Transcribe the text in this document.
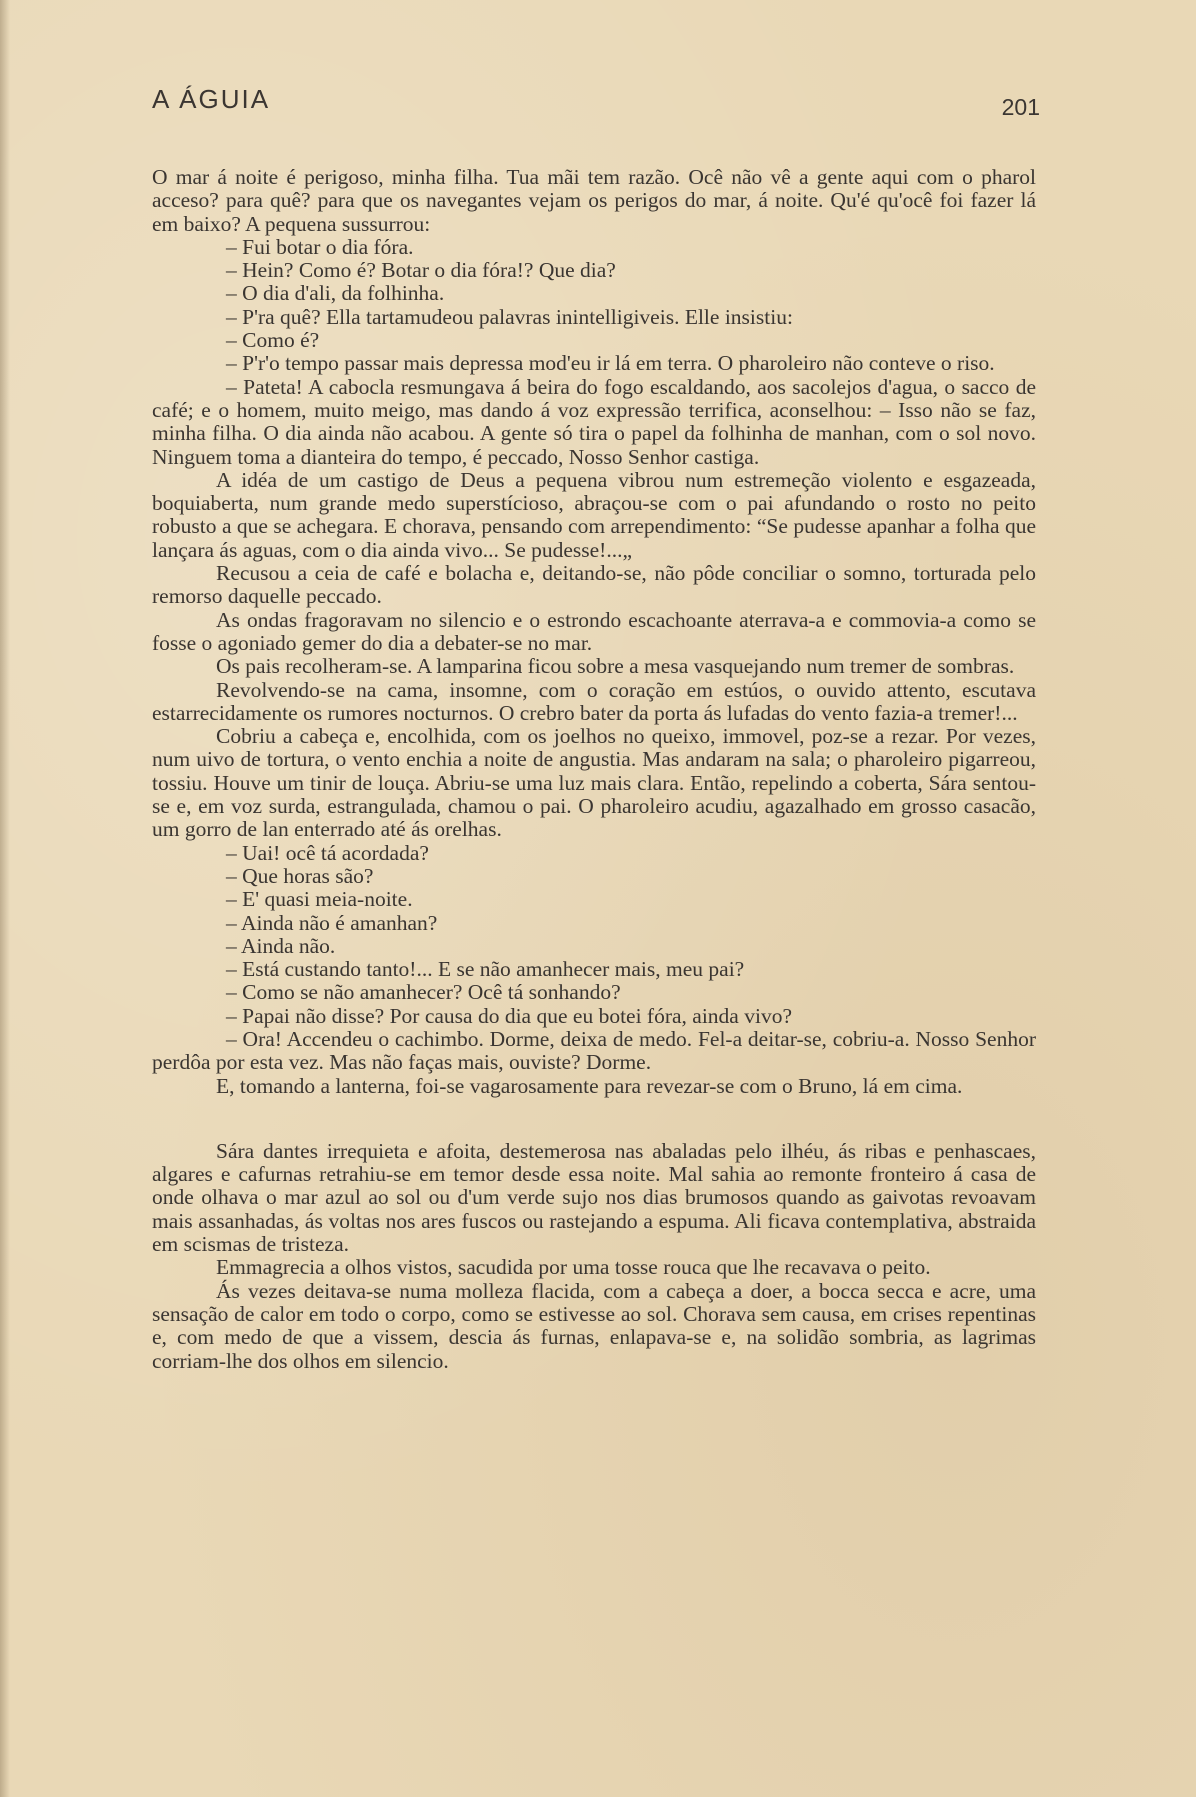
A ÁGUIA	201

O mar á noite é perigoso, minha filha. Tua mãi tem razão. Ocê não vê a gente aqui com o pharol acceso? para quê? para que os navegantes vejam os perigos do mar, á noite. Qu'é qu'ocê foi fazer lá em baixo? A pequena sussurrou:

– Fui botar o dia fóra.

– Hein? Como é? Botar o dia fóra!? Que dia?

– O dia d'ali, da folhinha.

– P'ra quê? Ella tartamudeou palavras inintelligiveis. Elle insistiu:

– Como é?

– P'r'o tempo passar mais depressa mod'eu ir lá em terra. O pharoleiro não conteve o riso.

– Pateta! A cabocla resmungava á beira do fogo escaldando, aos sacolejos d'agua, o sacco de café; e o homem, muito meigo, mas dando á voz expressão terrifica, aconselhou: – Isso não se faz, minha filha. O dia ainda não acabou. A gente só tira o papel da folhinha de manhan, com o sol novo. Ninguem toma a dianteira do tempo, é peccado, Nosso Senhor castiga.

A idéa de um castigo de Deus a pequena vibrou num estremeção violento e esgazeada, boquiaberta, num grande medo superstícioso, abraçou-se com o pai afundando o rosto no peito robusto a que se achegara. E chorava, pensando com arrependimento: “Se pudesse apanhar a folha que lançara ás aguas, com o dia ainda vivo... Se pudesse!...„

Recusou a ceia de café e bolacha e, deitando-se, não pôde conciliar o somno, torturada pelo remorso daquelle peccado.

As ondas fragoravam no silencio e o estrondo escachoante aterrava-a e commovia-a como se fosse o agoniado gemer do dia a debater-se no mar.

Os pais recolheram-se. A lamparina ficou sobre a mesa vasquejando num tremer de sombras.

Revolvendo-se na cama, insomne, com o coração em estúos, o ouvido attento, escutava estarrecidamente os rumores nocturnos. O crebro bater da porta ás lufadas do vento fazia-a tremer!...

Cobriu a cabeça e, encolhida, com os joelhos no queixo, immovel, poz-se a rezar. Por vezes, num uivo de tortura, o vento enchia a noite de angustia. Mas andaram na sala; o pharoleiro pigarreou, tossiu. Houve um tinir de louça. Abriu-se uma luz mais clara. Então, repelindo a coberta, Sára sentou-se e, em voz surda, estrangulada, chamou o pai. O pharoleiro acudiu, agazalhado em grosso casacão, um gorro de lan enterrado até ás orelhas.

– Uai! ocê tá acordada?

– Que horas são?

– E' quasi meia-noite.

– Ainda não é amanhan?

– Ainda não.

– Está custando tanto!... E se não amanhecer mais, meu pai?

– Como se não amanhecer? Ocê tá sonhando?

– Papai não disse? Por causa do dia que eu botei fóra, ainda vivo?

– Ora! Accendeu o cachimbo. Dorme, deixa de medo. Fel-a deitar-se, cobriu-a. Nosso Senhor perdôa por esta vez. Mas não faças mais, ouviste? Dorme.

E, tomando a lanterna, foi-se vagarosamente para revezar-se com o Bruno, lá em cima.

Sára dantes irrequieta e afoita, destemerosa nas abaladas pelo ilhéu, ás ribas e penhascaes, algares e cafurnas retrahiu-se em temor desde essa noite. Mal sahia ao remonte fronteiro á casa de onde olhava o mar azul ao sol ou d'um verde sujo nos dias brumosos quando as gaivotas revoavam mais assanhadas, ás voltas nos ares fuscos ou rastejando a espuma. Ali ficava contemplativa, abstraida em scismas de tristeza.

Emmagrecia a olhos vistos, sacudida por uma tosse rouca que lhe recavava o peito.

Ás vezes deitava-se numa molleza flacida, com a cabeça a doer, a bocca secca e acre, uma sensação de calor em todo o corpo, como se estivesse ao sol. Chorava sem causa, em crises repentinas e, com medo de que a vissem, descia ás furnas, enlapava-se e, na solidão sombria, as lagrimas corriam-lhe dos olhos em silencio.
